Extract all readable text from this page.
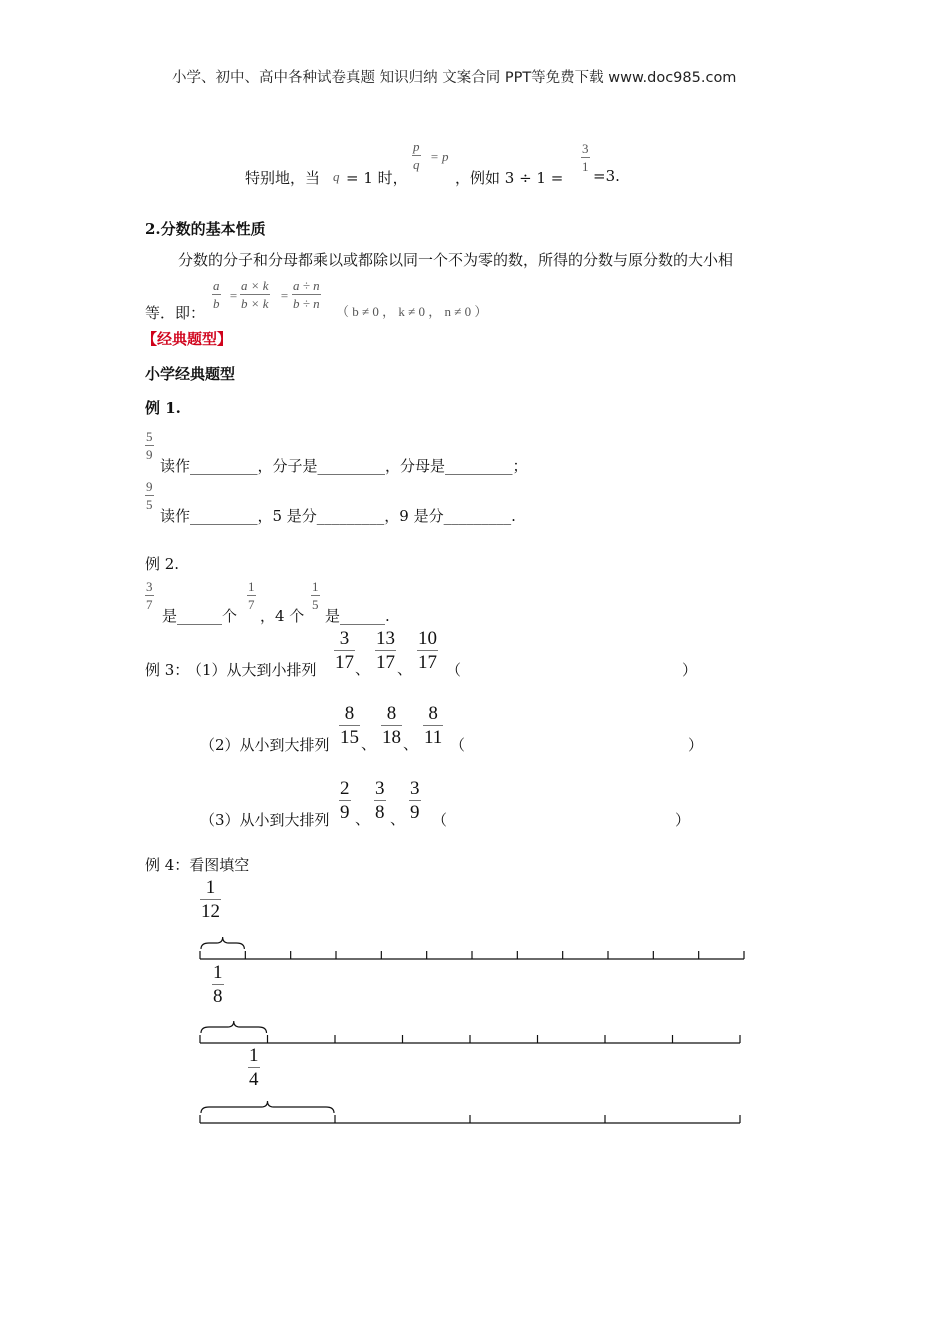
小学、初中、高中各种试卷真题 知识归纳 文案合同 PPT等免费下载 www.doc985.com
特别地，当 q = 1 时，
p
q
= p
，例如 3 ÷ 1 =
3
1
=3.
2.分数的基本性质
分数的分子和分母都乘以或都除以同一个不为零的数，所得的分数与原分数的大小相
等．即：
a
b
=
a × k
b × k
=
a ÷ n
b ÷ n
（ b ≠ 0 ， k ≠ 0 ， n ≠ 0 ）
【经典题型】
小学经典题型
例 1.
5
9
读作_________，分子是_________，分母是_________；
9
5
读作_________，5 是分_________，9 是分_________.
例 2.
3
7
是______个
1
7
，4 个
1
5
是______.
例 3：
（1）从大到小排列
3
17 、
13
17 、
10
17 （	）
（2）从小到大排列
8
15 、
8
18 、
8
11 （	）
（3）从小到大排列
2
9 、
3
8 、
3
9 （	）
例 4：看图填空
1
12
1
8
1
4
